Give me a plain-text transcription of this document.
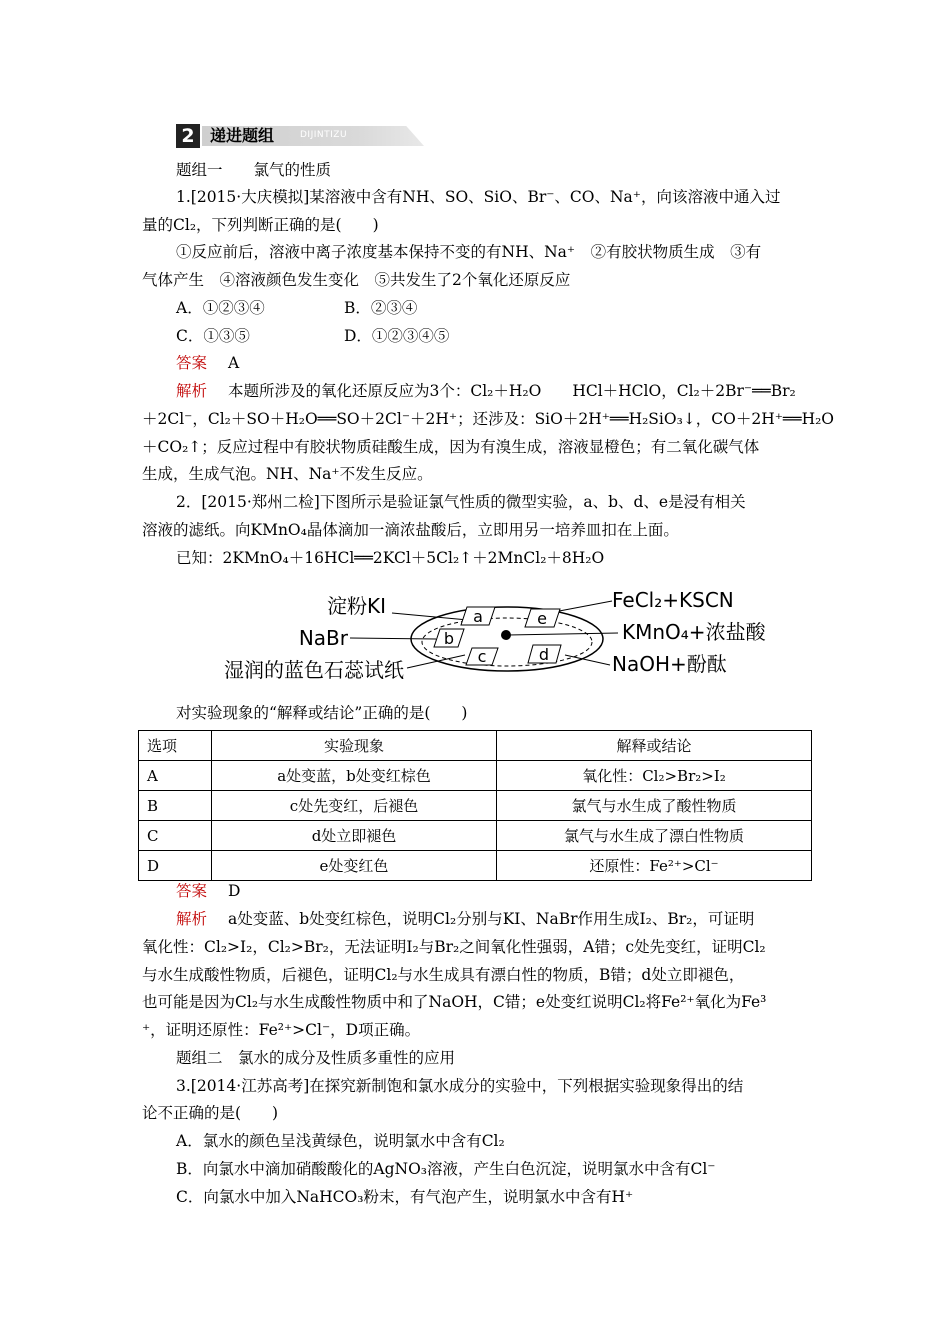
2 递进题组	DIJINTIZU
题组一　　氯气的性质
1.[2015·大庆模拟]某溶液中含有NH、SO、SiO、Br⁻、CO、Na⁺，向该溶液中通入过
量的Cl₂，下列判断正确的是(　　)
①反应前后，溶液中离子浓度基本保持不变的有NH、Na⁺　②有胶状物质生成　③有
气体产生　④溶液颜色发生变化　⑤共发生了2个氧化还原反应
A．①②③④	B．②③④
C．①③⑤	D．①②③④⑤
答案 A
解析 本题所涉及的氧化还原反应为3个：Cl₂＋H₂O　　HCl＋HClO，Cl₂＋2Br⁻══Br₂
＋2Cl⁻，Cl₂＋SO＋H₂O══SO＋2Cl⁻＋2H⁺；还涉及：SiO＋2H⁺══H₂SiO₃↓，CO＋2H⁺══H₂O
＋CO₂↑；反应过程中有胶状物质硅酸生成，因为有溴生成，溶液显橙色；有二氧化碳气体
生成，生成气泡。NH、Na⁺不发生反应。
2．[2015·郑州二检]下图所示是验证氯气性质的微型实验，a、b、d、e是浸有相关
溶液的滤纸。向KMnO₄晶体滴加一滴浓盐酸后，立即用另一培养皿扣在上面。
已知：2KMnO₄＋16HCl══2KCl＋5Cl₂↑＋2MnCl₂＋8H₂O
a
b
c	d
e
淀粉KI
NaBr
湿润的蓝色石蕊试纸
FeCl₂+KSCN
KMnO₄+浓盐酸
NaOH+酚酞
对实验现象的“解释或结论”正确的是(　　)
选项	实验现象	解释或结论
A	a处变蓝，b处变红棕色	氧化性：Cl₂>Br₂>I₂
B	c处先变红，后褪色	氯气与水生成了酸性物质
C	d处立即褪色	氯气与水生成了漂白性物质
D	e处变红色	还原性：Fe²⁺>Cl⁻
答案 D
解析 a处变蓝、b处变红棕色，说明Cl₂分别与KI、NaBr作用生成I₂、Br₂，可证明
氧化性：Cl₂>I₂，Cl₂>Br₂，无法证明I₂与Br₂之间氧化性强弱，A错；c处先变红，证明Cl₂
与水生成酸性物质，后褪色，证明Cl₂与水生成具有漂白性的物质，B错；d处立即褪色，
也可能是因为Cl₂与水生成酸性物质中和了NaOH，C错；e处变红说明Cl₂将Fe²⁺氧化为Fe³
⁺，证明还原性：Fe²⁺>Cl⁻，D项正确。
题组二　氯水的成分及性质多重性的应用
3.[2014·江苏高考]在探究新制饱和氯水成分的实验中，下列根据实验现象得出的结
论不正确的是(　　)
A．氯水的颜色呈浅黄绿色，说明氯水中含有Cl₂
B．向氯水中滴加硝酸酸化的AgNO₃溶液，产生白色沉淀，说明氯水中含有Cl⁻
C．向氯水中加入NaHCO₃粉末，有气泡产生，说明氯水中含有H⁺
